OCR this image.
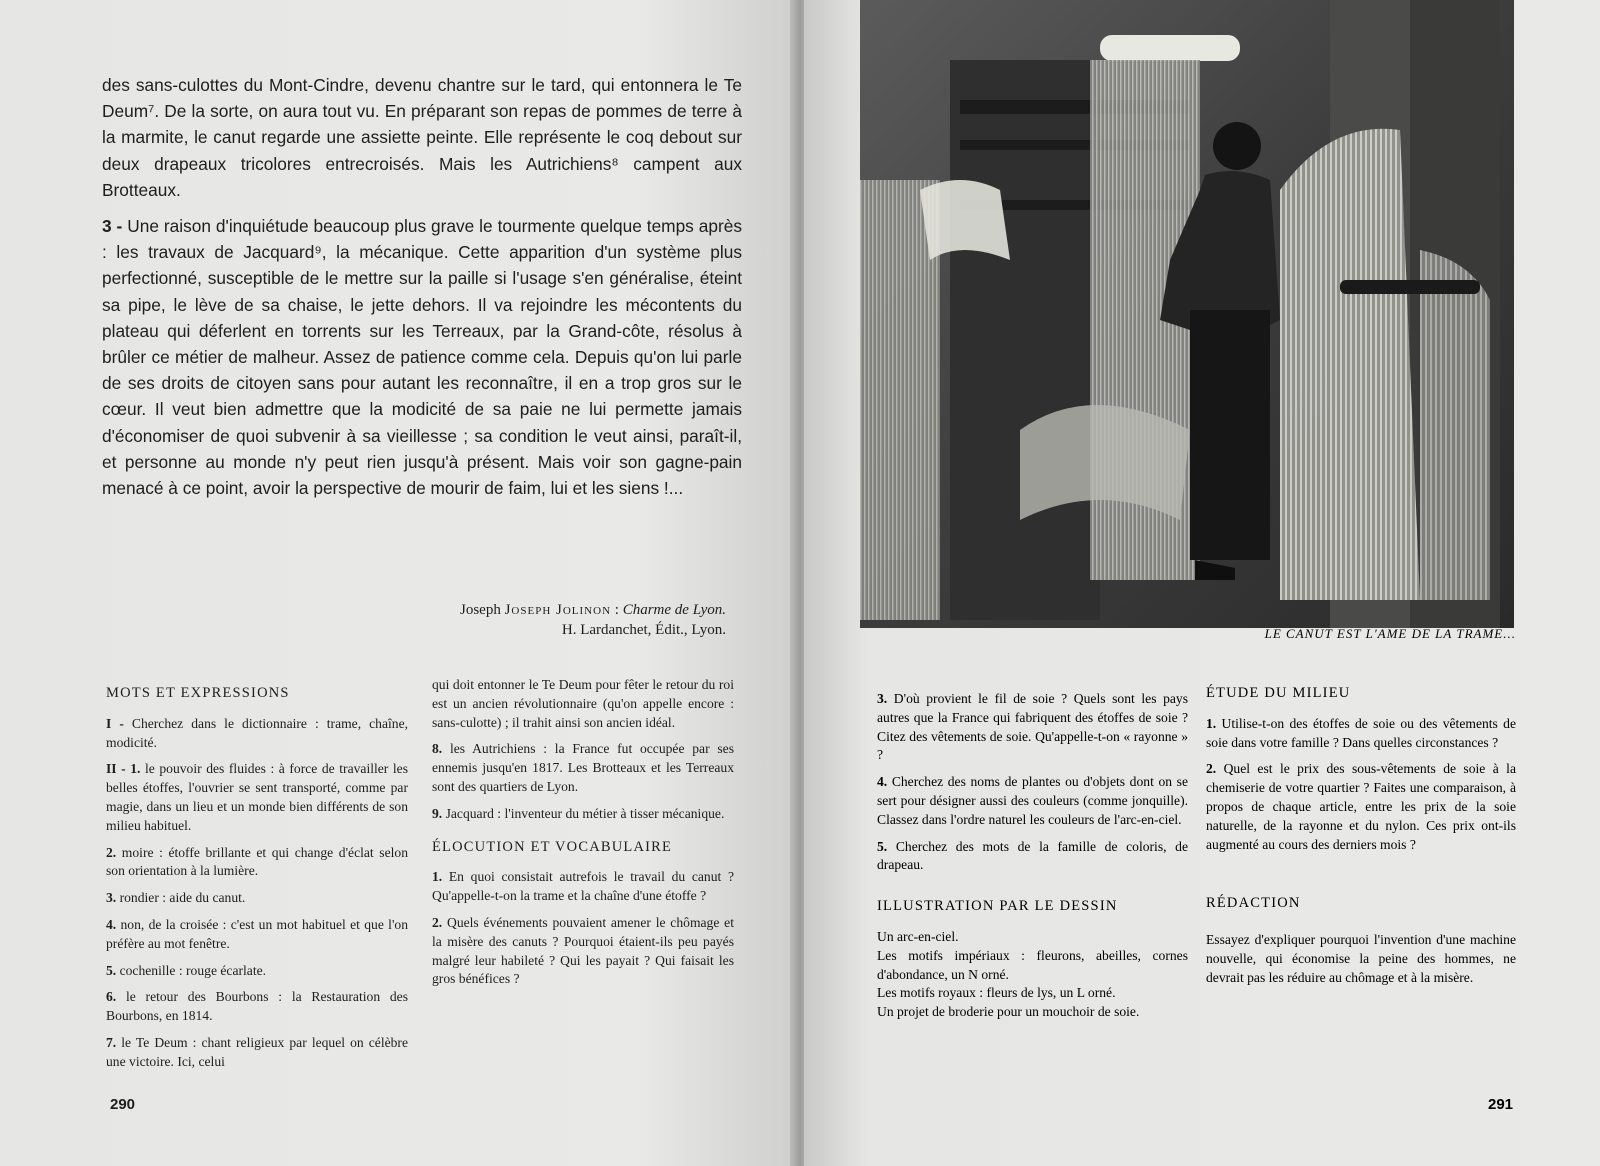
des sans-culottes du Mont-Cindre, devenu chantre sur le tard, qui entonnera le Te Deum⁷. De la sorte, on aura tout vu. En préparant son repas de pommes de terre à la marmite, le canut regarde une assiette peinte. Elle représente le coq debout sur deux drapeaux tricolores entrecroisés. Mais les Autrichiens⁸ campent aux Brotteaux.

3 - Une raison d'inquiétude beaucoup plus grave le tourmente quelque temps après : les travaux de Jacquard⁹, la mécanique. Cette apparition d'un système plus perfectionné, susceptible de le mettre sur la paille si l'usage s'en généralise, éteint sa pipe, le lève de sa chaise, le jette dehors. Il va rejoindre les mécontents du plateau qui déferlent en torrents sur les Terreaux, par la Grand-côte, résolus à brûler ce métier de malheur. Assez de patience comme cela. Depuis qu'on lui parle de ses droits de citoyen sans pour autant les reconnaître, il en a trop gros sur le cœur. Il veut bien admettre que la modicité de sa paie ne lui permette jamais d'économiser de quoi subvenir à sa vieillesse ; sa condition le veut ainsi, paraît-il, et personne au monde n'y peut rien jusqu'à présent. Mais voir son gagne-pain menacé à ce point, avoir la perspective de mourir de faim, lui et les siens !...

Joseph Joseph Jolinon : Charme de Lyon.
H. Lardanchet, Édit., Lyon.
MOTS ET EXPRESSIONS

I - Cherchez dans le dictionnaire : trame, chaîne, modicité.

II - 1. le pouvoir des fluides : à force de travailler les belles étoffes, l'ouvrier se sent transporté, comme par magie, dans un lieu et un monde bien différents de son milieu habituel.

2. moire : étoffe brillante et qui change d'éclat selon son orientation à la lumière.

3. rondier : aide du canut.

4. non, de la croisée : c'est un mot habituel et que l'on préfère au mot fenêtre.

5. cochenille : rouge écarlate.

6. le retour des Bourbons : la Restauration des Bourbons, en 1814.

7. le Te Deum : chant religieux par lequel on célèbre une victoire. Ici, celui

qui doit entonner le Te Deum pour fêter le retour du roi est un ancien révolutionnaire (qu'on appelle encore : sans-culotte) ; il trahit ainsi son ancien idéal.

8. les Autrichiens : la France fut occupée par ses ennemis jusqu'en 1817. Les Brotteaux et les Terreaux sont des quartiers de Lyon.

9. Jacquard : l'inventeur du métier à tisser mécanique.

ÉLOCUTION ET VOCABULAIRE

1. En quoi consistait autrefois le travail du canut ? Qu'appelle-t-on la trame et la chaîne d'une étoffe ?

2. Quels événements pouvaient amener le chômage et la misère des canuts ? Pourquoi étaient-ils peu payés malgré leur habileté ? Qui les payait ? Qui faisait les gros bénéfices ?

290
LE CANUT EST L'AME DE LA TRAME...

3. D'où provient le fil de soie ? Quels sont les pays autres que la France qui fabriquent des étoffes de soie ? Citez des vêtements de soie. Qu'appelle-t-on « rayonne » ?

4. Cherchez des noms de plantes ou d'objets dont on se sert pour désigner aussi des couleurs (comme jonquille). Classez dans l'ordre naturel les couleurs de l'arc-en-ciel.

5. Cherchez des mots de la famille de coloris, de drapeau.

ILLUSTRATION PAR LE DESSIN
Un arc-en-ciel.
Les motifs impériaux : fleurons, abeilles, cornes d'abondance, un N orné.
Les motifs royaux : fleurs de lys, un L orné.
Un projet de broderie pour un mouchoir de soie.
ÉTUDE DU MILIEU

1. Utilise-t-on des étoffes de soie ou des vêtements de soie dans votre famille ? Dans quelles circonstances ?

2. Quel est le prix des sous-vêtements de soie à la chemiserie de votre quartier ? Faites une comparaison, à propos de chaque article, entre les prix de la soie naturelle, de la rayonne et du nylon. Ces prix ont-ils augmenté au cours des derniers mois ?

RÉDACTION

Essayez d'expliquer pourquoi l'invention d'une machine nouvelle, qui économise la peine des hommes, ne devrait pas les réduire au chômage et à la misère.

291
